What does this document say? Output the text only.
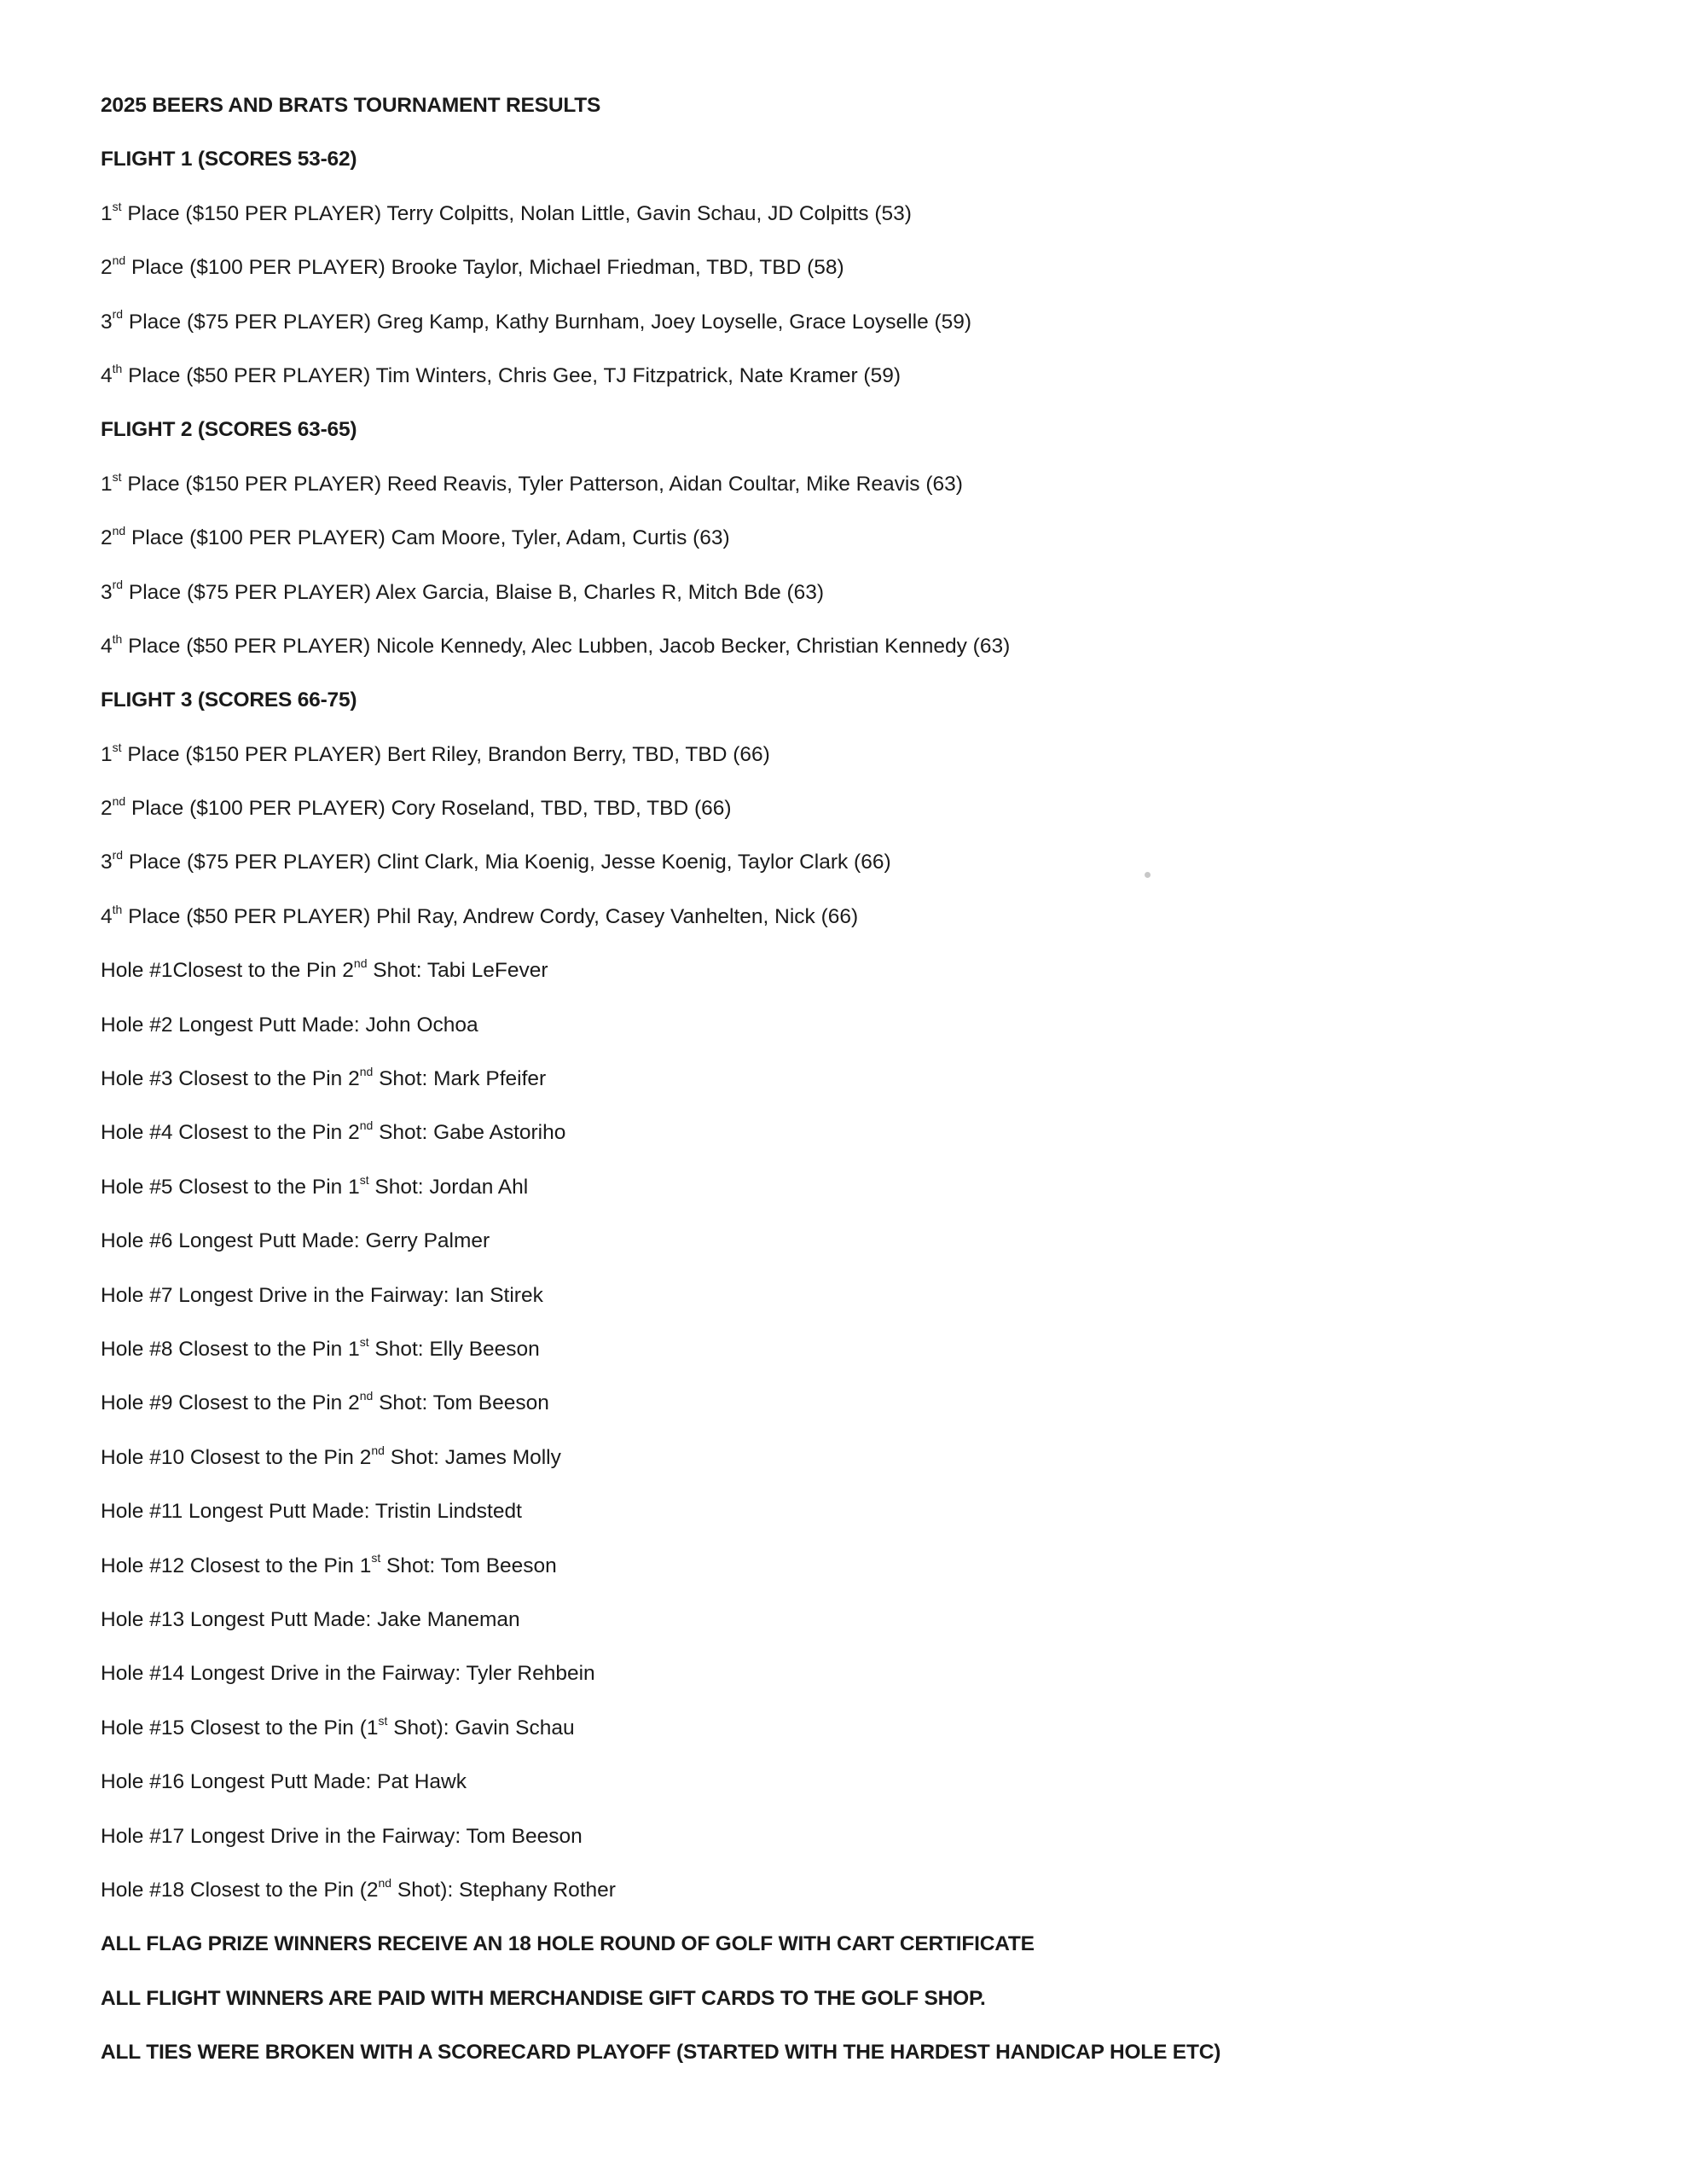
2025 BEERS AND BRATS TOURNAMENT RESULTS
FLIGHT 1 (SCORES 53-62)
1st Place ($150 PER PLAYER) Terry Colpitts, Nolan Little, Gavin Schau, JD Colpitts (53)
2nd Place ($100 PER PLAYER) Brooke Taylor, Michael Friedman, TBD, TBD (58)
3rd Place ($75 PER PLAYER) Greg Kamp, Kathy Burnham, Joey Loyselle, Grace Loyselle (59)
4th Place ($50 PER PLAYER) Tim Winters, Chris Gee, TJ Fitzpatrick, Nate Kramer (59)
FLIGHT 2 (SCORES 63-65)
1st Place ($150 PER PLAYER) Reed Reavis, Tyler Patterson, Aidan Coultar, Mike Reavis (63)
2nd Place ($100 PER PLAYER) Cam Moore, Tyler, Adam, Curtis (63)
3rd Place ($75 PER PLAYER) Alex Garcia, Blaise B, Charles R, Mitch Bde (63)
4th Place ($50 PER PLAYER) Nicole Kennedy, Alec Lubben, Jacob Becker, Christian Kennedy (63)
FLIGHT 3 (SCORES 66-75)
1st Place ($150 PER PLAYER) Bert Riley, Brandon Berry, TBD, TBD (66)
2nd Place ($100 PER PLAYER) Cory Roseland, TBD, TBD, TBD (66)
3rd Place ($75 PER PLAYER) Clint Clark, Mia Koenig, Jesse Koenig, Taylor Clark (66)
4th Place ($50 PER PLAYER) Phil Ray, Andrew Cordy, Casey Vanhelten, Nick (66)
Hole #1Closest to the Pin 2nd Shot: Tabi LeFever
Hole #2 Longest Putt Made: John Ochoa
Hole #3 Closest to the Pin 2nd Shot: Mark Pfeifer
Hole #4 Closest to the Pin 2nd Shot: Gabe Astoriho
Hole #5 Closest to the Pin 1st Shot: Jordan Ahl
Hole #6 Longest Putt Made: Gerry Palmer
Hole #7 Longest Drive in the Fairway: Ian Stirek
Hole #8 Closest to the Pin 1st Shot: Elly Beeson
Hole #9 Closest to the Pin 2nd Shot: Tom Beeson
Hole #10 Closest to the Pin 2nd Shot: James Molly
Hole #11 Longest Putt Made: Tristin Lindstedt
Hole #12 Closest to the Pin 1st Shot: Tom Beeson
Hole #13 Longest Putt Made: Jake Maneman
Hole #14 Longest Drive in the Fairway: Tyler Rehbein
Hole #15 Closest to the Pin (1st Shot): Gavin Schau
Hole #16 Longest Putt Made: Pat Hawk
Hole #17 Longest Drive in the Fairway: Tom Beeson
Hole #18 Closest to the Pin (2nd Shot): Stephany Rother
ALL FLAG PRIZE WINNERS RECEIVE AN 18 HOLE ROUND OF GOLF WITH CART CERTIFICATE
ALL FLIGHT WINNERS ARE PAID WITH MERCHANDISE GIFT CARDS TO THE GOLF SHOP.
ALL TIES WERE BROKEN WITH A SCORECARD PLAYOFF (STARTED WITH THE HARDEST HANDICAP HOLE ETC)
